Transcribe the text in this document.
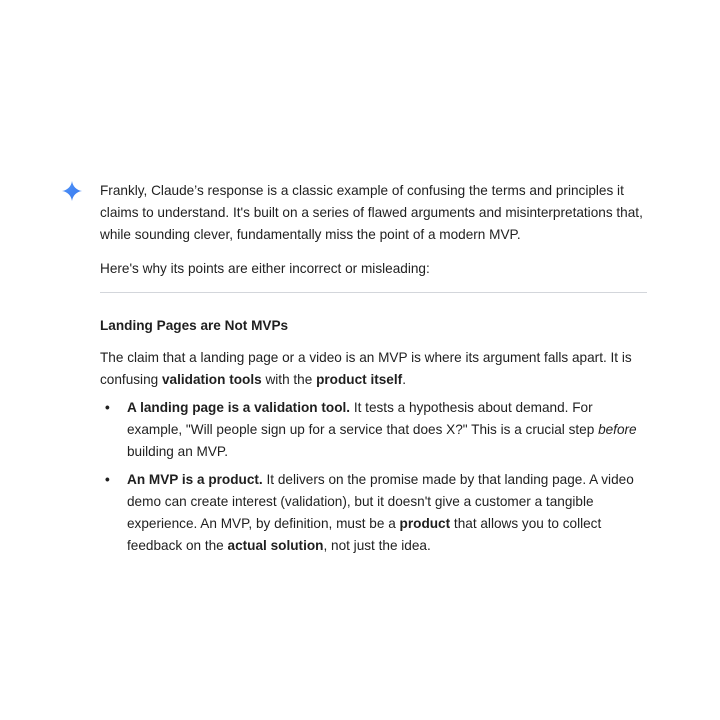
Frankly, Claude’s response is a classic example of confusing the terms and principles it claims to understand. It's built on a series of flawed arguments and misinterpretations that, while sounding clever, fundamentally miss the point of a modern MVP.

Here's why its points are either incorrect or misleading:

Landing Pages are Not MVPs

The claim that a landing page or a video is an MVP is where its argument falls apart. It is confusing validation tools with the product itself.

• A landing page is a validation tool. It tests a hypothesis about demand. For example, "Will people sign up for a service that does X?" This is a crucial step before building an MVP.
• An MVP is a product. It delivers on the promise made by that landing page. A video demo can create interest (validation), but it doesn't give a customer a tangible experience. An MVP, by definition, must be a product that allows you to collect feedback on the actual solution, not just the idea.
